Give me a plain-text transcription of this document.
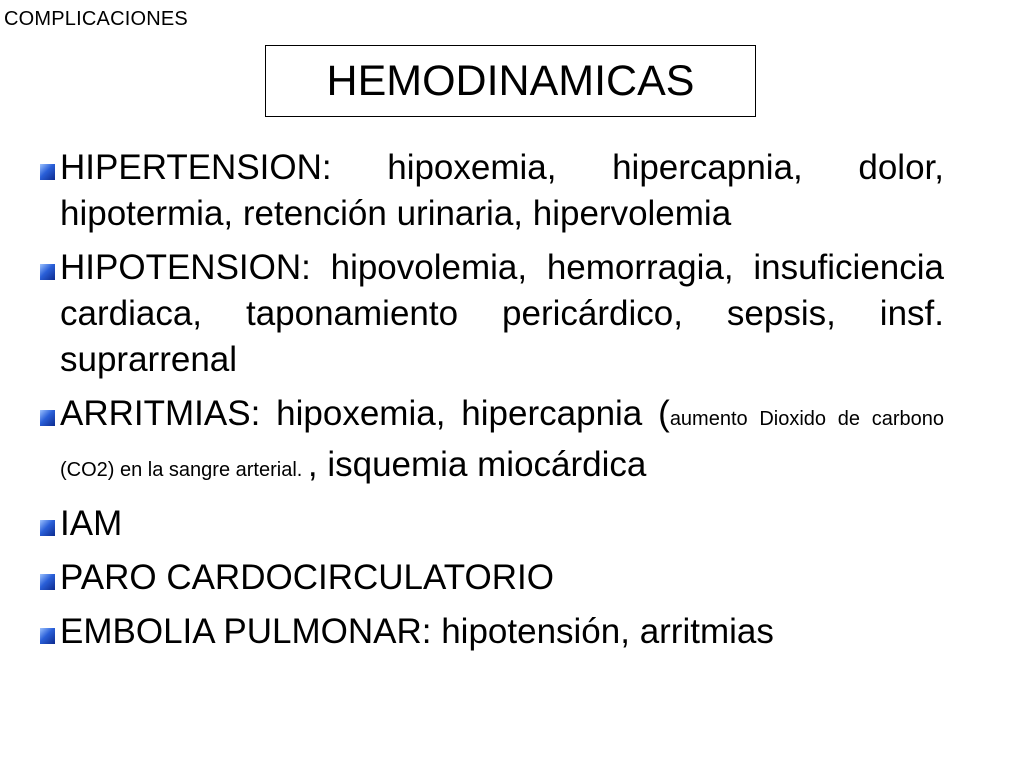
COMPLICACIONES
HEMODINAMICAS
HIPERTENSION: hipoxemia, hipercapnia, dolor, hipotermia, retención urinaria, hipervolemia
HIPOTENSION: hipovolemia, hemorragia, insuficiencia cardiaca, taponamiento pericárdico, sepsis, insf. suprarrenal
ARRITMIAS: hipoxemia, hipercapnia (aumento Dioxido de carbono (CO2) en la sangre arterial. , isquemia miocárdica
IAM
PARO CARDOCIRCULATORIO
EMBOLIA PULMONAR: hipotensión, arritmias
